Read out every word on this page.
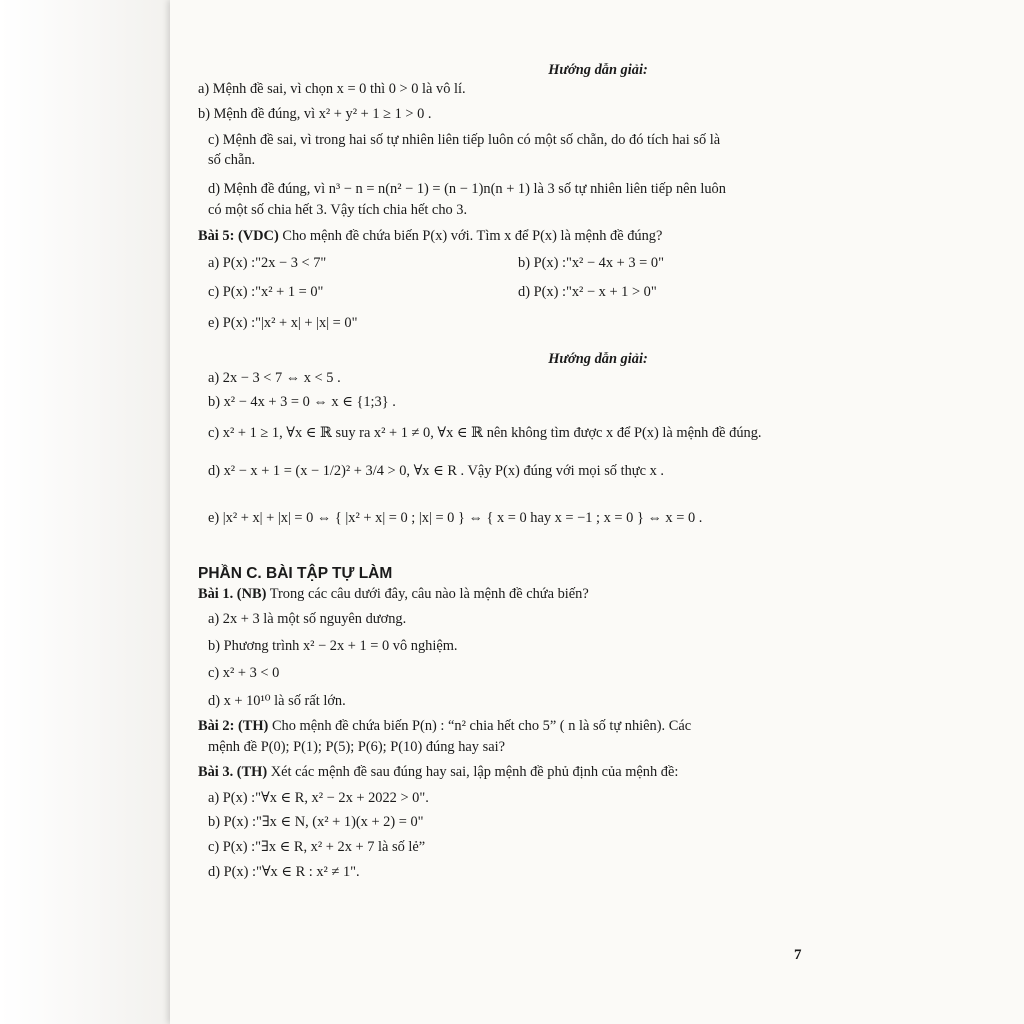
Hướng dẫn giải:

a) Mệnh đề sai, vì chọn x = 0 thì 0 > 0 là vô lí.

b) Mệnh đề đúng, vì x² + y² + 1 ≥ 1 > 0 .

c) Mệnh đề sai, vì trong hai số tự nhiên liên tiếp luôn có một số chẵn, do đó tích hai số là

số chẵn.

d) Mệnh đề đúng, vì n³ − n = n(n² − 1) = (n − 1)n(n + 1) là 3 số tự nhiên liên tiếp nên luôn

có một số chia hết 3. Vậy tích chia hết cho 3.

Bài 5: (VDC) Cho mệnh đề chứa biến P(x) với. Tìm x để P(x) là mệnh đề đúng?

a) P(x) :"2x − 3 < 7"	b) P(x) :"x² − 4x + 3 = 0"
c) P(x) :"x² + 1 = 0"	d) P(x) :"x² − x + 1 > 0"

e) P(x) :"|x² + x| + |x| = 0"

Hướng dẫn giải:

a) 2x − 3 < 7 ⇔ x < 5 .

b) x² − 4x + 3 = 0 ⇔ x ∈ {1;3} .

c) x² + 1 ≥ 1, ∀x ∈ ℝ suy ra x² + 1 ≠ 0, ∀x ∈ ℝ nên không tìm được x để P(x) là mệnh đề đúng.

d) x² − x + 1 = (x − 1/2)² + 3/4 > 0, ∀x ∈ R . Vậy P(x) đúng với mọi số thực x .

e) |x² + x| + |x| = 0 ⇔ { |x² + x| = 0 ; |x| = 0 } ⇔ { x = 0 hay x = −1 ; x = 0 } ⇔ x = 0 .

PHẦN C. BÀI TẬP TỰ LÀM

Bài 1. (NB) Trong các câu dưới đây, câu nào là mệnh đề chứa biến?

a) 2x + 3 là một số nguyên dương.

b) Phương trình x² − 2x + 1 = 0 vô nghiệm.

c) x² + 3 < 0

d) x + 10¹⁰ là số rất lớn.

Bài 2: (TH) Cho mệnh đề chứa biến P(n) : “n² chia hết cho 5” ( n là số tự nhiên). Các

mệnh đề P(0); P(1); P(5); P(6); P(10) đúng hay sai?

Bài 3. (TH) Xét các mệnh đề sau đúng hay sai, lập mệnh đề phủ định của mệnh đề:

a) P(x) :"∀x ∈ R, x² − 2x + 2022 > 0".

b) P(x) :"∃x ∈ N, (x² + 1)(x + 2) = 0"

c) P(x) :"∃x ∈ R, x² + 2x + 7 là số lẻ”

d) P(x) :"∀x ∈ R : x² ≠ 1".

7
